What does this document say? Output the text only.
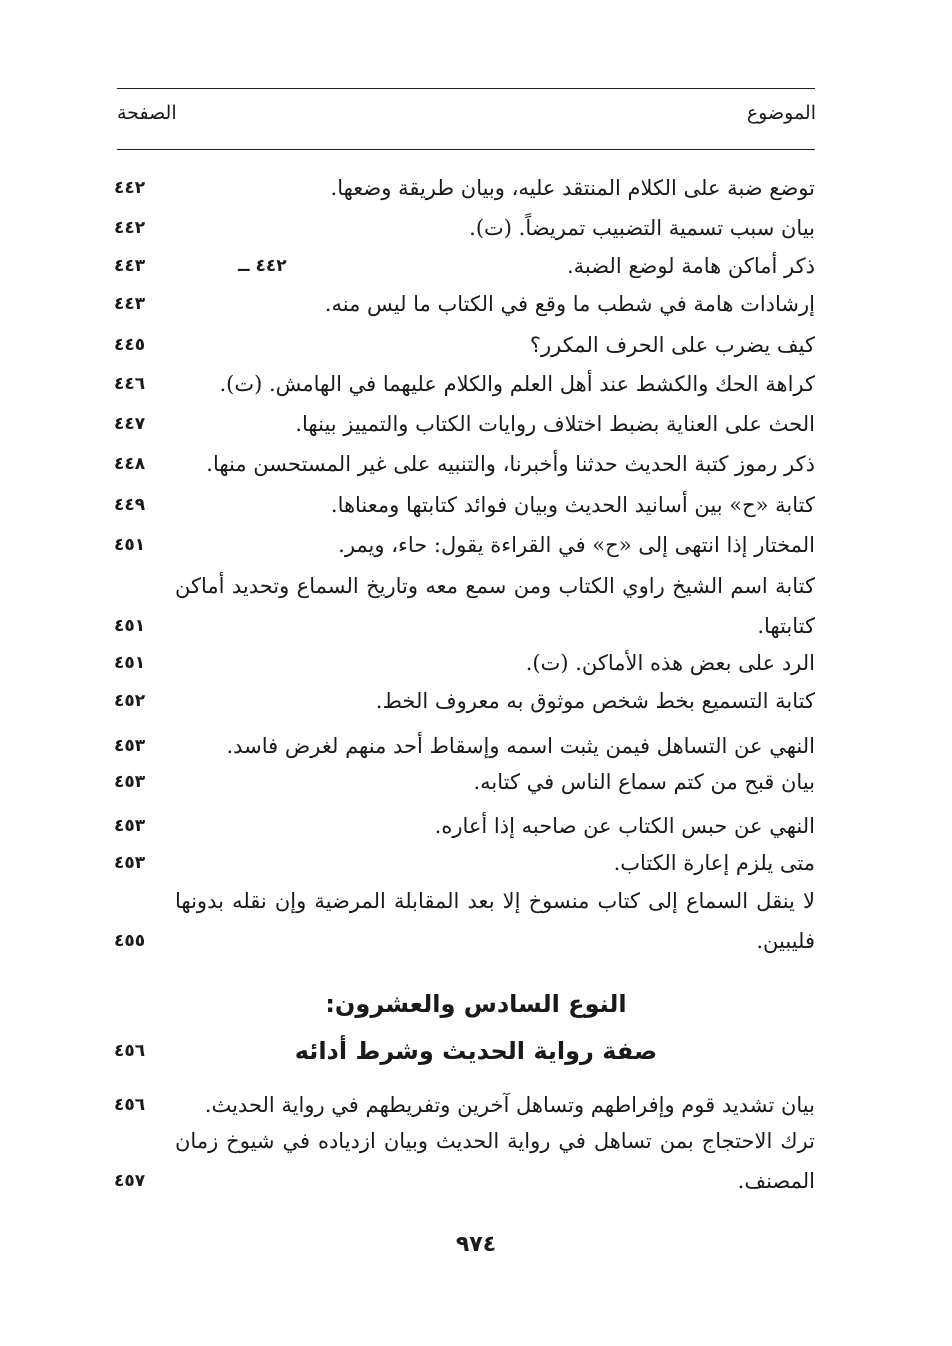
الموضوع
الصفحة
توضع ضبة على الكلام المنتقد عليه، وبيان طريقة وضعها.
٤٤٢
بيان سبب تسمية التضبيب تمريضاً. (ت).
٤٤٢
ذكر أماكن هامة لوضع الضبة.
٤٤٢ ــ
٤٤٣
إرشادات هامة في شطب ما وقع في الكتاب ما ليس منه.
٤٤٣
كيف يضرب على الحرف المكرر؟
٤٤٥
كراهة الحك والكشط عند أهل العلم والكلام عليهما في الهامش. (ت).
٤٤٦
الحث على العناية بضبط اختلاف روايات الكتاب والتمييز بينها.
٤٤٧
ذكر رموز كتبة الحديث حدثنا وأخبرنا، والتنبيه على غير المستحسن منها.
٤٤٨
كتابة «ح» بين أسانيد الحديث وبيان فوائد كتابتها ومعناها.
٤٤٩
المختار إذا انتهى إلى «ح» في القراءة يقول: حاء، ويمر.
٤٥١
كتابة اسم الشيخ راوي الكتاب ومن سمع معه وتاريخ السماع وتحديد أماكن كتابتها.
٤٥١
الرد على بعض هذه الأماكن. (ت).
٤٥١
كتابة التسميع بخط شخص موثوق به معروف الخط.
٤٥٢
النهي عن التساهل فيمن يثبت اسمه وإسقاط أحد منهم لغرض فاسد.
٤٥٣
بيان قبح من كتم سماع الناس في كتابه.
٤٥٣
النهي عن حبس الكتاب عن صاحبه إذا أعاره.
٤٥٣
متى يلزم إعارة الكتاب.
٤٥٣
لا ينقل السماع إلى كتاب منسوخ إلا بعد المقابلة المرضية وإن نقله بدونها فليبين.
٤٥٥
النوع السادس والعشرون:
صفة رواية الحديث وشرط أدائه
٤٥٦
بيان تشديد قوم وإفراطهم وتساهل آخرين وتفريطهم في رواية الحديث.
٤٥٦
ترك الاحتجاج بمن تساهل في رواية الحديث وبيان ازدياده في شيوخ زمان المصنف.
٤٥٧
٩٧٤
